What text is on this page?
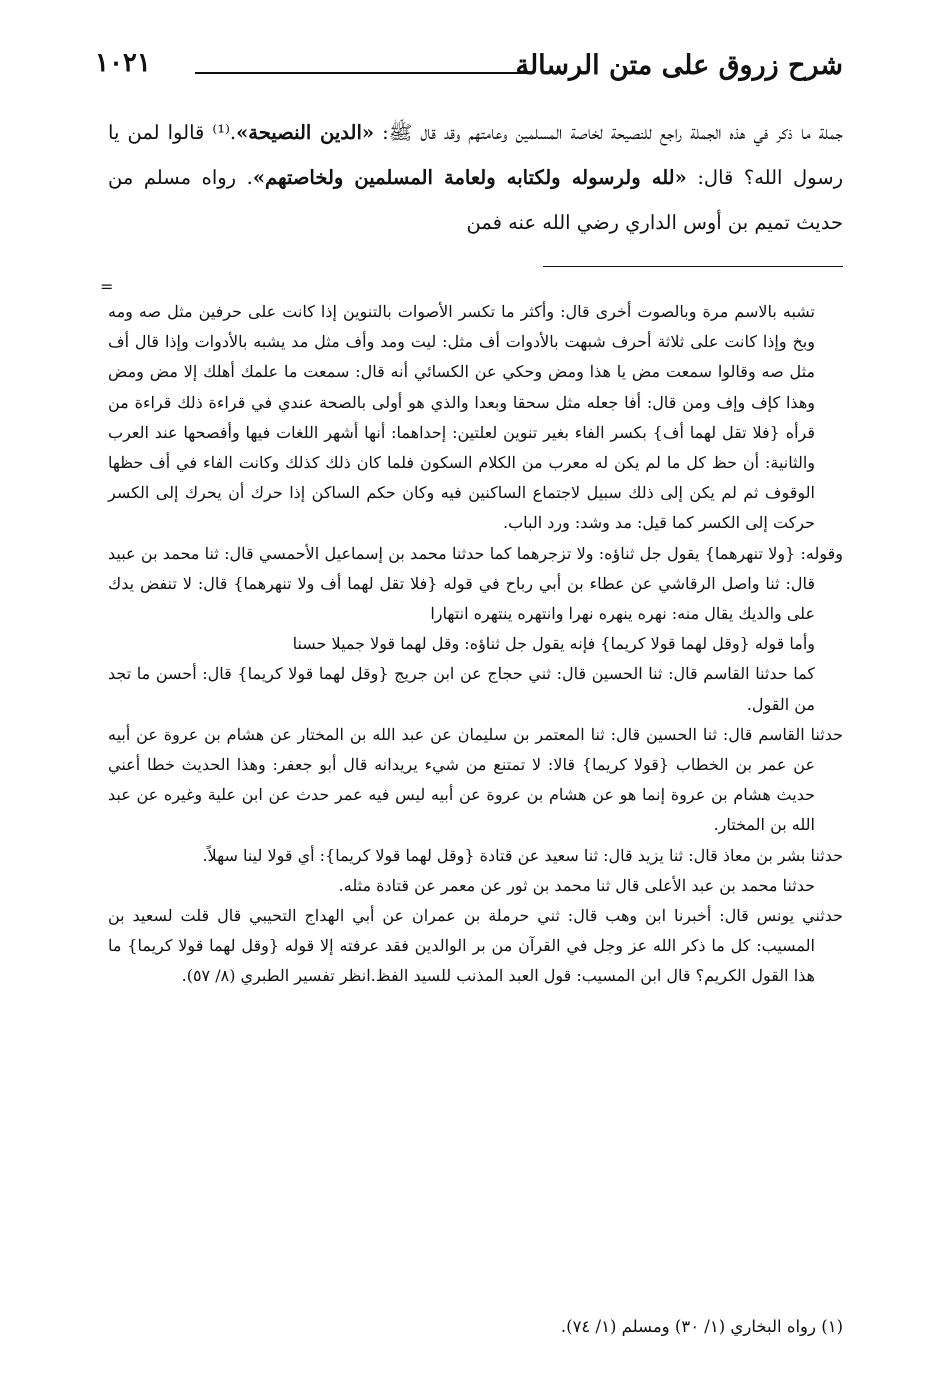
شرح زروق على متن الرسالة
١٠٢١

جملة ما ذكر في هذه الجملة راجع للنصيحة لخاصة المسلمين وعامتهم وقد قال ﷺ: «الدين النصيحة».⁽¹⁾ قالوا لمن يا رسول الله؟ قال: «لله ولرسوله ولكتابه ولعامة المسلمين ولخاصتهم». رواه مسلم من حديث تميم بن أوس الداري رضي الله عنه فمن

=

تشبه بالاسم مرة وبالصوت أخرى قال: وأكثر ما تكسر الأصوات بالتنوين إذا كانت على حرفين مثل صه ومه وبخ وإذا كانت على ثلاثة أحرف شبهت بالأدوات أف مثل: ليت ومد وأف مثل مد يشبه بالأدوات وإذا قال أف مثل صه وقالوا سمعت مض يا هذا ومض وحكي عن الكسائي أنه قال: سمعت ما علمك أهلك إلا مض ومض وهذا كإف وإف ومن قال: أفا جعله مثل سحقا وبعدا والذي هو أولى بالصحة عندي في قراءة ذلك قراءة من قرأه {فلا تقل لهما أف} بكسر الفاء بغير تنوين لعلتين: إحداهما: أنها أشهر اللغات فيها وأفصحها عند العرب والثانية: أن حظ كل ما لم يكن له معرب من الكلام السكون فلما كان ذلك كذلك وكانت الفاء في أف حظها الوقوف ثم لم يكن إلى ذلك سبيل لاجتماع الساكنين فيه وكان حكم الساكن إذا حرك أن يحرك إلى الكسر حركت إلى الكسر كما قيل: مد وشد: ورد الباب.

وقوله: {ولا تنهرهما} يقول جل ثناؤه: ولا تزجرهما كما حدثنا محمد بن إسماعيل الأحمسي قال: ثنا محمد بن عبيد قال: ثنا واصل الرقاشي عن عطاء بن أبي رباح في قوله {فلا تقل لهما أف ولا تنهرهما} قال: لا تنفض يدك على والديك يقال منه: نهره ينهره نهرا وانتهره ينتهره انتهارا

وأما قوله {وقل لهما قولا كريما} فإنه يقول جل ثناؤه: وقل لهما قولا جميلا حسنا

كما حدثنا القاسم قال: ثنا الحسين قال: ثني حجاج عن ابن جريج {وقل لهما قولا كريما} قال: أحسن ما تجد من القول.

حدثنا القاسم قال: ثنا الحسين قال: ثنا المعتمر بن سليمان عن عبد الله بن المختار عن هشام بن عروة عن أبيه عن عمر بن الخطاب {قولا كريما} قالا: لا تمتنع من شيء يريدانه قال أبو جعفر: وهذا الحديث خطا أعني حديث هشام بن عروة إنما هو عن هشام بن عروة عن أبيه ليس فيه عمر حدث عن ابن علية وغيره عن عبد الله بن المختار.

حدثنا بشر بن معاذ قال: ثنا يزيد قال: ثنا سعيد عن قتادة {وقل لهما قولا كريما}: أي قولا لينا سهلاً.

حدثنا محمد بن عبد الأعلى قال ثنا محمد بن ثور عن معمر عن قتادة مثله.

حدثني يونس قال: أخبرنا ابن وهب قال: ثني حرملة بن عمران عن أبي الهداج التحيبي قال قلت لسعيد بن المسيب: كل ما ذكر الله عز وجل في القرآن من بر الوالدين فقد عرفته إلا قوله {وقل لهما قولا كريما} ما هذا القول الكريم؟ قال ابن المسيب: قول العبد المذنب للسيد الفظ.انظر تفسير الطبري (٨/ ٥٧).

(١) رواه البخاري (١/ ٣٠) ومسلم (١/ ٧٤).
